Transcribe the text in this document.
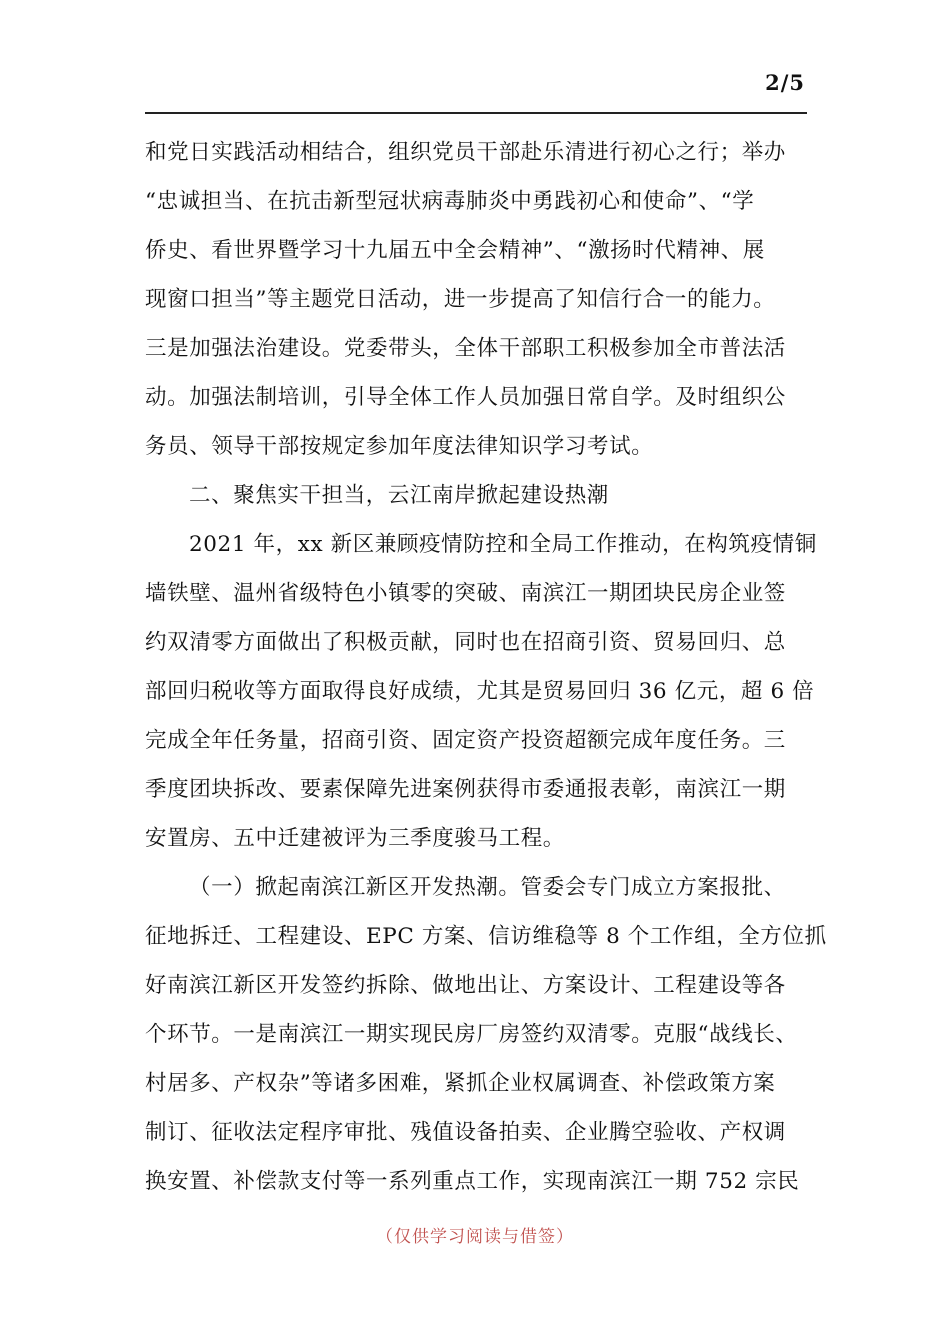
2/5
和党日实践活动相结合，组织党员干部赴乐清进行初心之行；举办
“忠诚担当、在抗击新型冠状病毒肺炎中勇践初心和使命”、“学
侨史、看世界暨学习十九届五中全会精神”、“激扬时代精神、展
现窗口担当”等主题党日活动，进一步提高了知信行合一的能力。
三是加强法治建设。党委带头，全体干部职工积极参加全市普法活
动。加强法制培训，引导全体工作人员加强日常自学。及时组织公
务员、领导干部按规定参加年度法律知识学习考试。
二、聚焦实干担当，云江南岸掀起建设热潮
2021 年，xx 新区兼顾疫情防控和全局工作推动，在构筑疫情铜
墙铁壁、温州省级特色小镇零的突破、南滨江一期团块民房企业签
约双清零方面做出了积极贡献，同时也在招商引资、贸易回归、总
部回归税收等方面取得良好成绩，尤其是贸易回归 36 亿元，超 6 倍
完成全年任务量，招商引资、固定资产投资超额完成年度任务。三
季度团块拆改、要素保障先进案例获得市委通报表彰，南滨江一期
安置房、五中迁建被评为三季度骏马工程。
（一）掀起南滨江新区开发热潮。管委会专门成立方案报批、
征地拆迁、工程建设、EPC 方案、信访维稳等 8 个工作组，全方位抓
好南滨江新区开发签约拆除、做地出让、方案设计、工程建设等各
个环节。一是南滨江一期实现民房厂房签约双清零。克服“战线长、
村居多、产权杂”等诸多困难，紧抓企业权属调查、补偿政策方案
制订、征收法定程序审批、残值设备拍卖、企业腾空验收、产权调
换安置、补偿款支付等一系列重点工作，实现南滨江一期 752 宗民
（仅供学习阅读与借签）
